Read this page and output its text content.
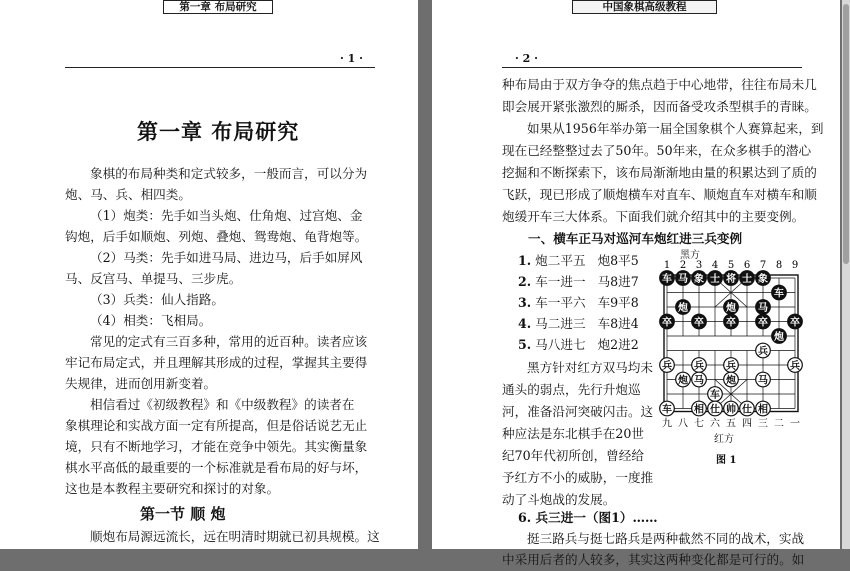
第一章 布局研究
· 1 ·
第一章 布局研究
象棋的布局种类和定式较多，一般而言，可以分为
炮、马、兵、相四类。
（1）炮类：先手如当头炮、仕角炮、过宫炮、金
钩炮，后手如顺炮、列炮、叠炮、鸳鸯炮、龟背炮等。
（2）马类：先手如进马局、进边马，后手如屏风
马、反宫马、单提马、三步虎。
（3）兵类：仙人指路。
（4）相类：飞相局。
常见的定式有三百多种，常用的近百种。读者应该
牢记布局定式，并且理解其形成的过程，掌握其主要得
失规律，进而创用新变着。
相信看过《初级教程》和《中级教程》的读者在
象棋理论和实战方面一定有所提高，但是俗话说艺无止
境，只有不断地学习，才能在竞争中领先。其实衡量象
棋水平高低的最重要的一个标准就是看布局的好与坏，
这也是本教程主要研究和探讨的对象。
第一节 顺 炮
顺炮布局源远流长，远在明清时期就已初具规模。这
· 2 ·
中国象棋高级教程
种布局由于双方争夺的焦点趋于中心地带，往往布局未几
即会展开紧张激烈的厮杀，因而备受攻杀型棋手的青睐。
如果从1956年举办第一届全国象棋个人赛算起来，到
现在已经整整过去了50年。50年来，在众多棋手的潜心
挖掘和不断探索下，该布局渐渐地由量的积累达到了质的
飞跃，现已形成了顺炮横车对直车、顺炮直车对横车和顺
炮缓开车三大体系。下面我们就介绍其中的主要变例。
一、横车正马对巡河车炮红进三兵变例
1. 炮二平五 炮8平5
2. 车一进一 马8进7
3. 车一平六 车9平8
4. 马二进三 车8进4
5. 马八进七 炮2进2
黑方针对红方双马均未
通头的弱点，先行升炮巡
河，准备沿河突破闪击。这
种应法是东北棋手在20世
纪70年代初所创，曾经给
予红方不小的威胁，一度推
动了斗炮战的发展。
黑方
1 2 3 4 5 6 7 8 9
九 八 七 六 五 四 三 二 一
车 马 象 士 将 士 象
车
马
炮	炮
卒 卒 卒 卒 卒
炮
兵
兵 兵 兵	兵
炮 马 炮 马
车
车 相 仕 帅 仕 相
红方
图 1
6. 兵三进一（图1）……
挺三路兵与挺七路兵是两种截然不同的战术，实战
中采用后者的人较多，其实这两种变化都是可行的。如
